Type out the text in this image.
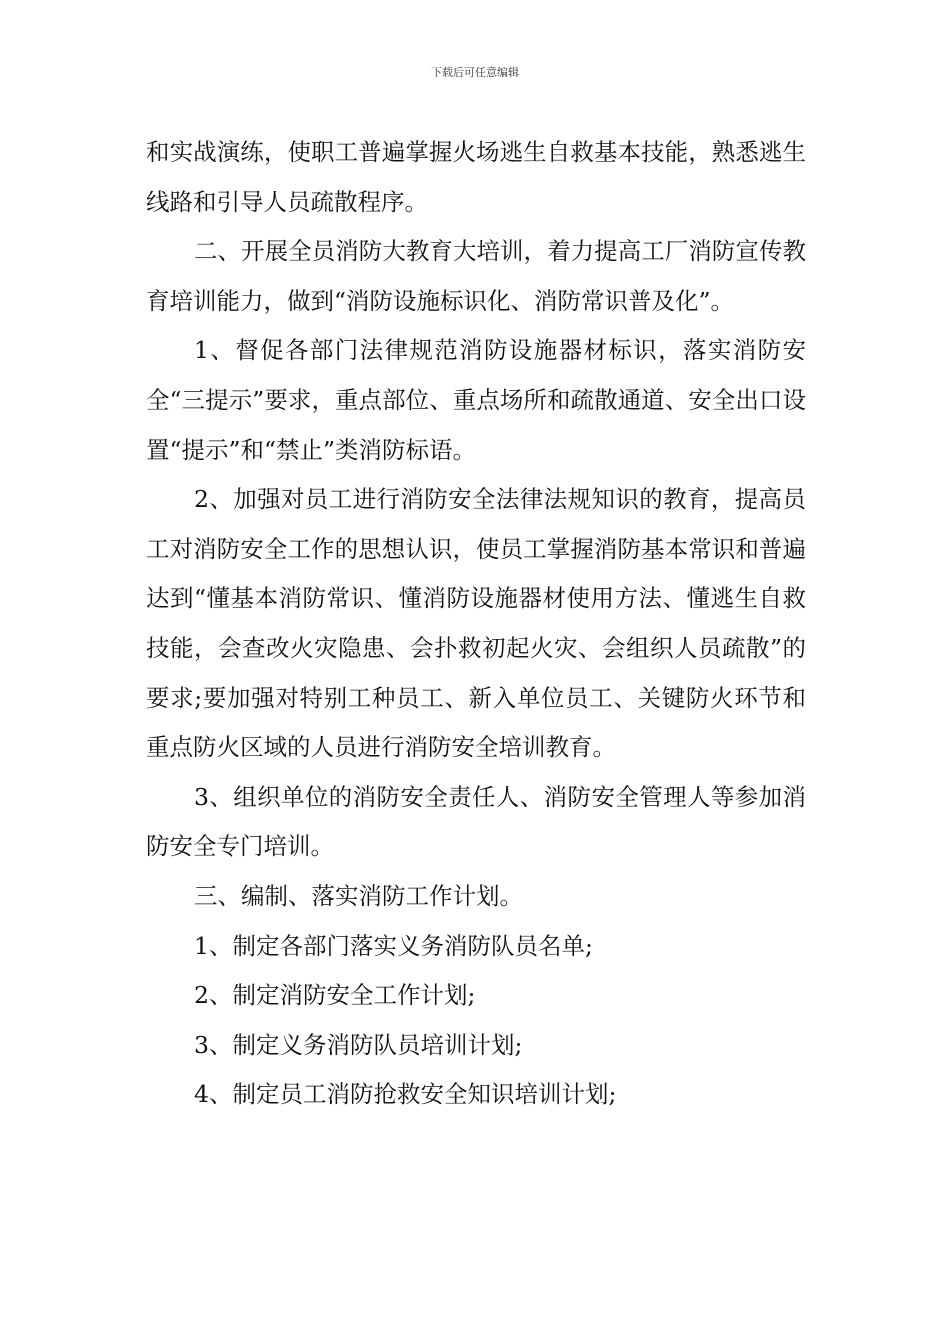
下载后可任意编辑

和实战演练，使职工普遍掌握火场逃生自救基本技能，熟悉逃生线路和引导人员疏散程序。

二、开展全员消防大教育大培训，着力提高工厂消防宣传教育培训能力，做到“消防设施标识化、消防常识普及化”。

1、督促各部门法律规范消防设施器材标识，落实消防安全“三提示”要求，重点部位、重点场所和疏散通道、安全出口设置“提示”和“禁止”类消防标语。

2、加强对员工进行消防安全法律法规知识的教育，提高员工对消防安全工作的思想认识，使员工掌握消防基本常识和普遍达到“懂基本消防常识、懂消防设施器材使用方法、懂逃生自救技能，会查改火灾隐患、会扑救初起火灾、会组织人员疏散”的要求;要加强对特别工种员工、新入单位员工、关键防火环节和重点防火区域的人员进行消防安全培训教育。

3、组织单位的消防安全责任人、消防安全管理人等参加消防安全专门培训。

三、编制、落实消防工作计划。

1、制定各部门落实义务消防队员名单;

2、制定消防安全工作计划;

3、制定义务消防队员培训计划;

4、制定员工消防抢救安全知识培训计划;
